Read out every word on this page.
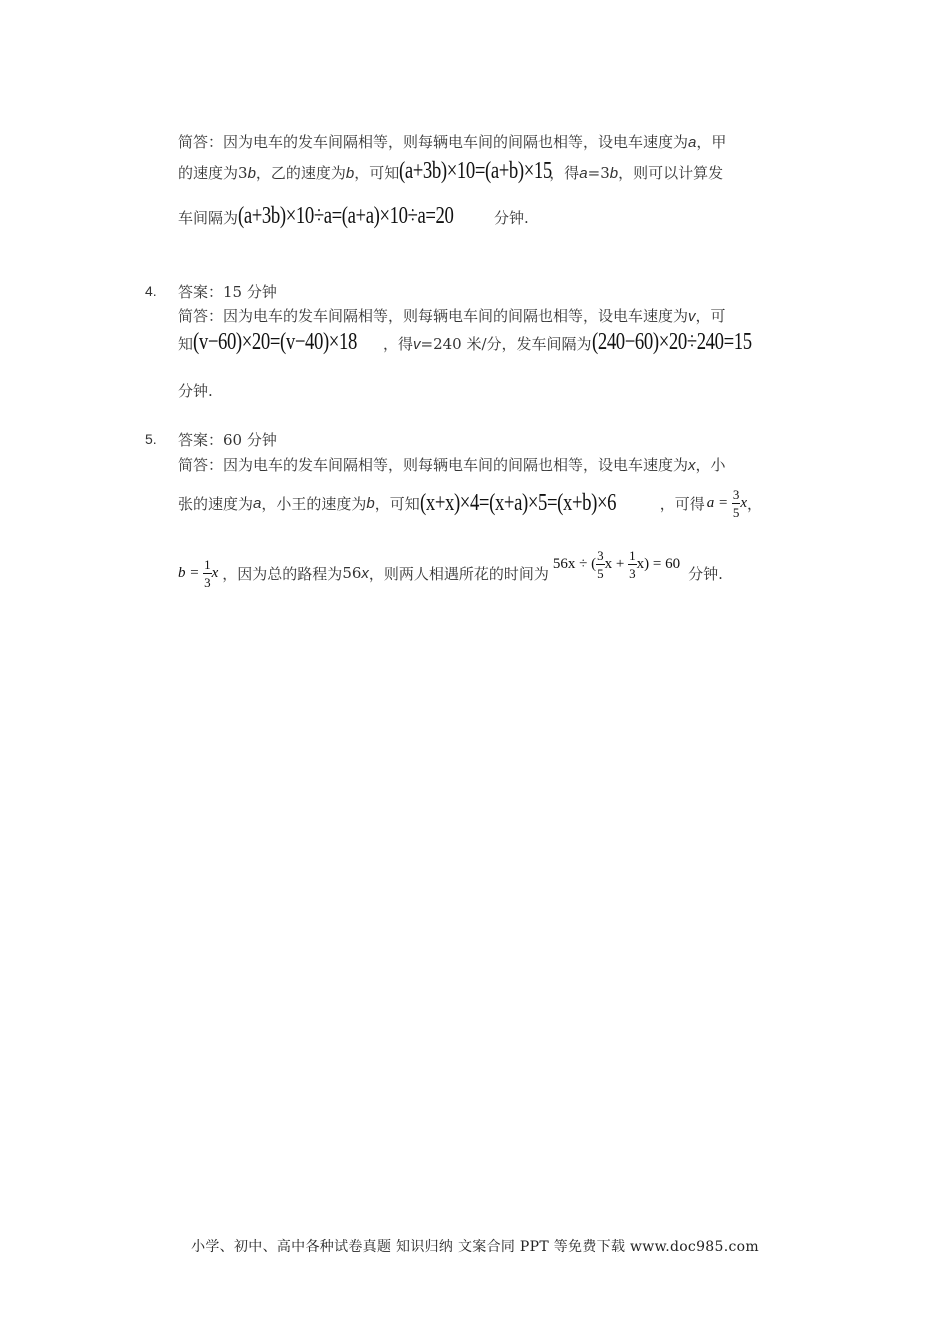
简答：因为电车的发车间隔相等，则每辆电车间的间隔也相等，设电车速度为a，甲
的速度为3b，乙的速度为b，可知(a+3b)×10=(a+b)×15，得a=3b，则可以计算发
车间隔为(a+3b)×10÷a=(a+a)×10÷a=20	分钟.
4. 答案：15 分钟
简答：因为电车的发车间隔相等，则每辆电车间的间隔也相等，设电车速度为v，可
知(v−60)×20=(v−40)×18 ，得v=240 米/分，发车间隔为(240−60)×20÷240=15
分钟.
5. 答案：60 分钟
简答：因为电车的发车间隔相等，则每辆电车间的间隔也相等，设电车速度为x，小
张的速度为 a ，小王的速度为 b ，可知 (x+x)×4=(x+a)×5=(x+b)×6	，可得 $a = \frac{3}{5}$ x ，
$b = \frac{1}{3}$ x ，因为总的路程为 56 x ，则两人相遇所花的时间为
56x ÷ ( $\frac{3}{5}$ $x + \frac{1}{3} x) = 60$
分钟.
小学、初中、高中各种试卷真题 知识归纳 文案合同 PPT 等免费下载 www.doc985.com
